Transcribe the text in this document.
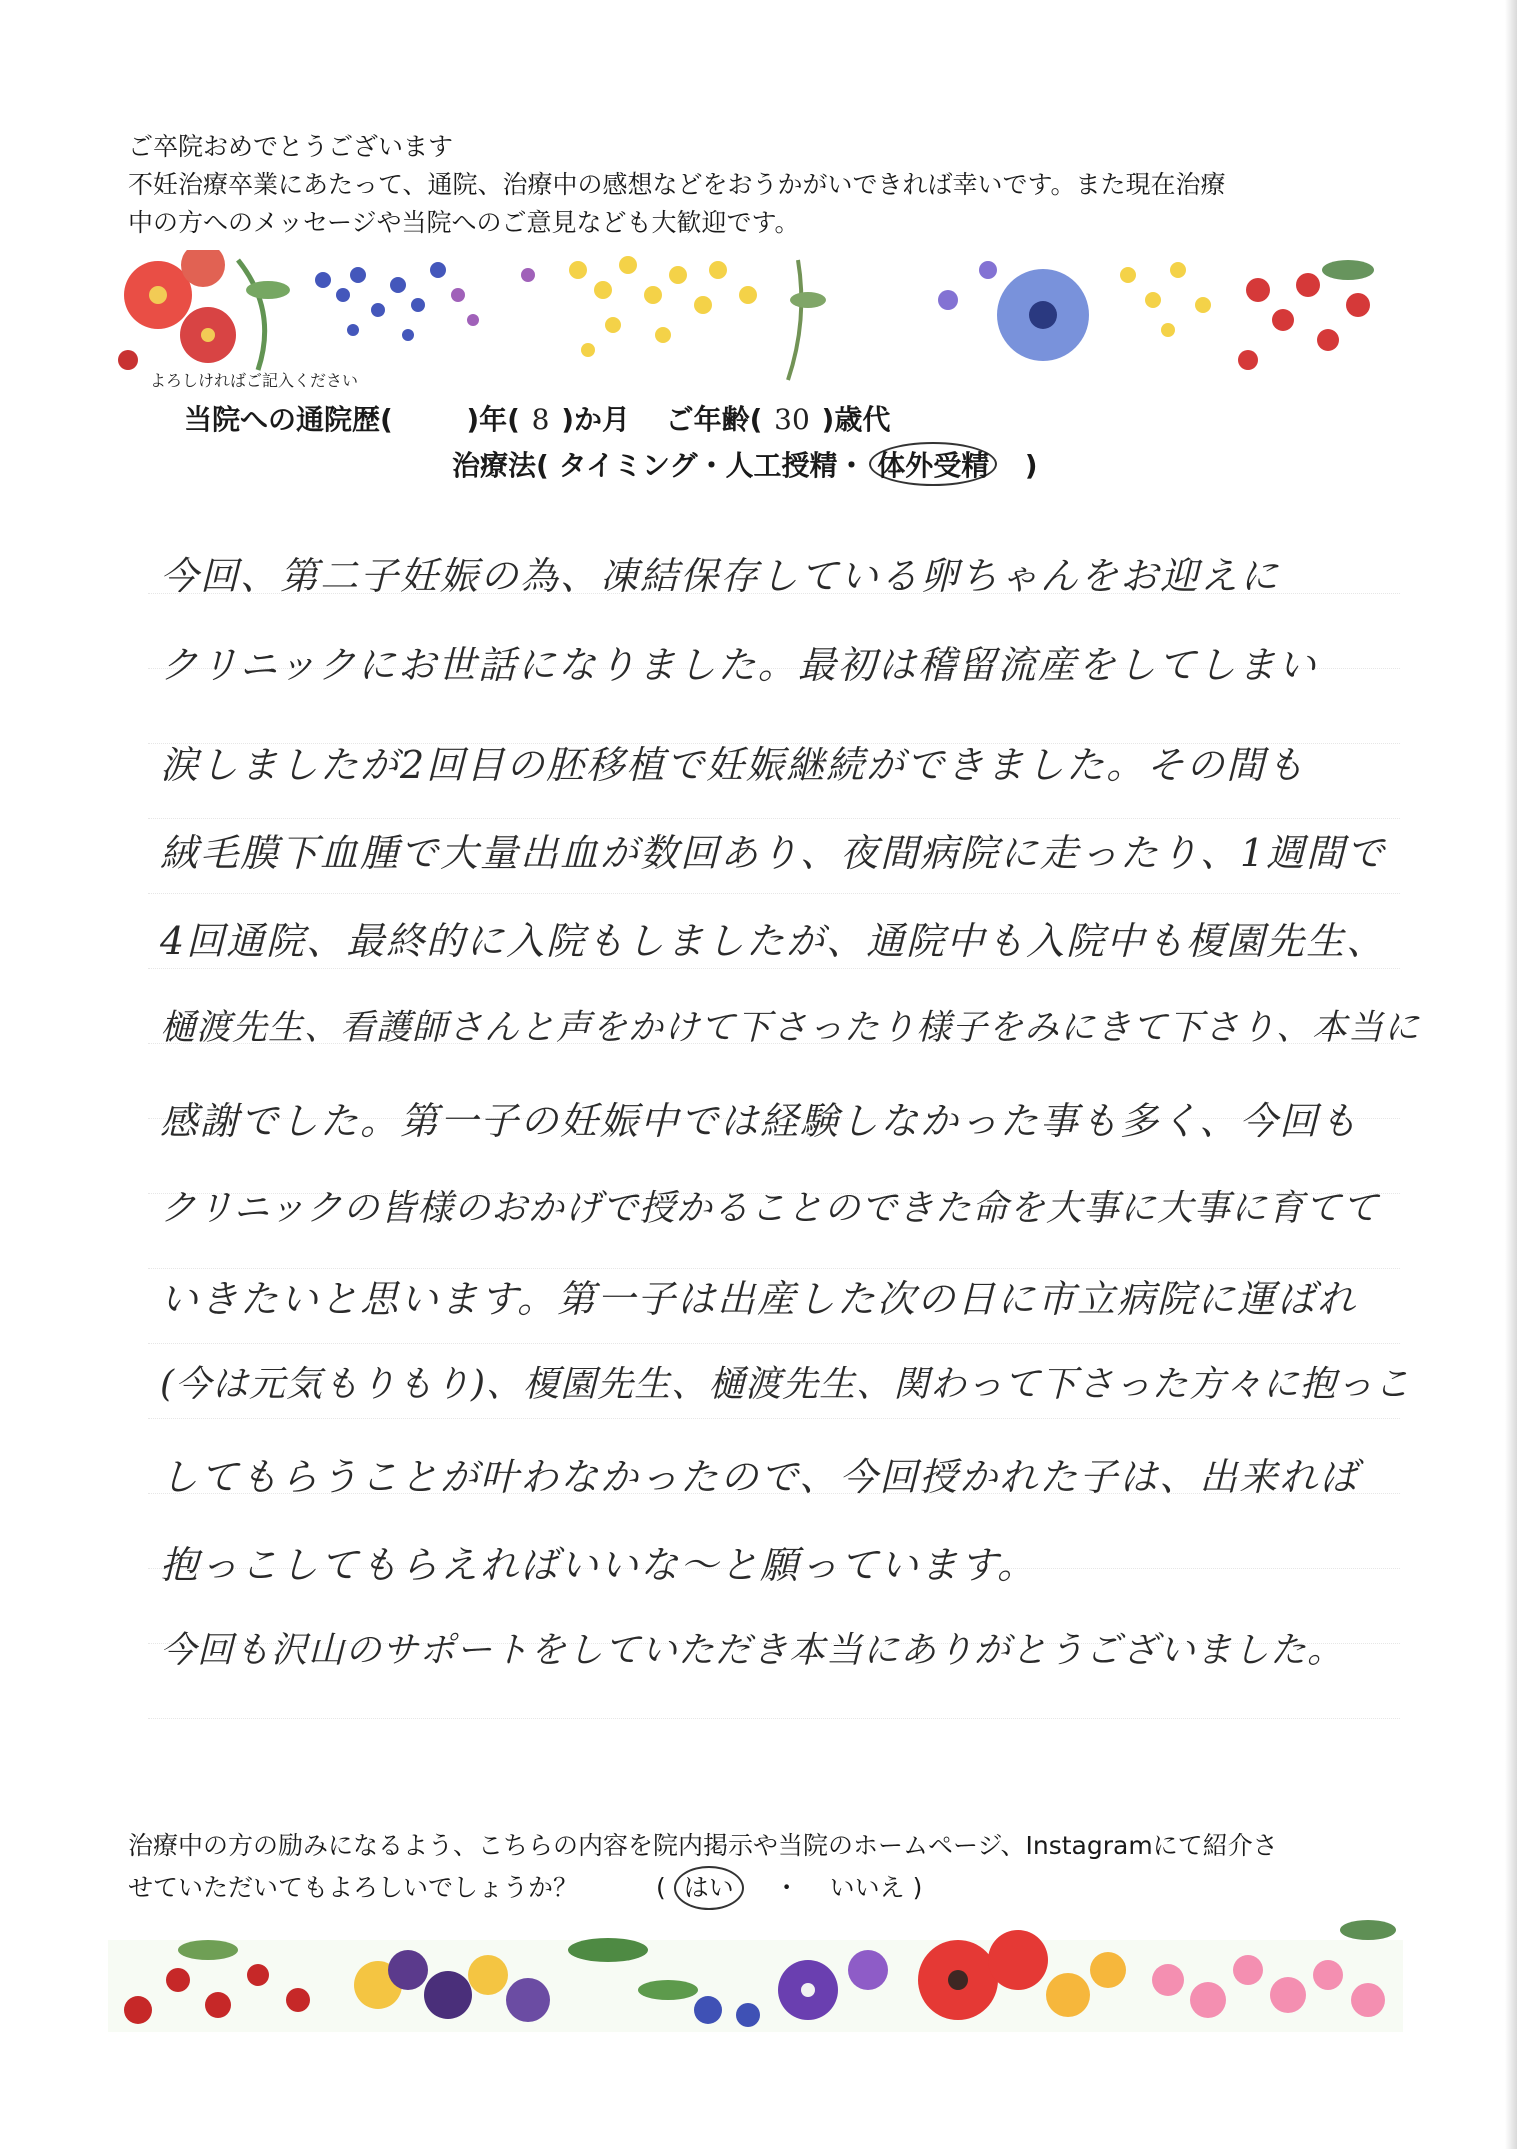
ご卒院おめでとうございます
不妊治療卒業にあたって、通院、治療中の感想などをおうかがいできれば幸いです。また現在治療
中の方へのメッセージや当院へのご意見なども大歓迎です。
よろしければご記入ください
当院への通院歴(	)年( 8 )か月 ご年齢( 30 )歳代
治療法( タイミング・人工授精・ 体外受精 )
今回、第二子妊娠の為、凍結保存している卵ちゃんをお迎えに
クリニックにお世話になりました。最初は稽留流産をしてしまい
涙しましたが2回目の胚移植で妊娠継続ができました。その間も
絨毛膜下血腫で大量出血が数回あり、夜間病院に走ったり、1週間で
4回通院、最終的に入院もしましたが、通院中も入院中も榎園先生、
樋渡先生、看護師さんと声をかけて下さったり様子をみにきて下さり、本当に
感謝でした。第一子の妊娠中では経験しなかった事も多く、今回も
クリニックの皆様のおかげで授かることのできた命を大事に大事に育てて
いきたいと思います。第一子は出産した次の日に市立病院に運ばれ
(今は元気もりもり)、榎園先生、樋渡先生、関わって下さった方々に抱っこ
してもらうことが叶わなかったので、今回授かれた子は、出来れば
抱っこしてもらえればいいな〜と願っています。
今回も沢山のサポートをしていただき本当にありがとうございました。
治療中の方の励みになるよう、こちらの内容を院内掲示や当院のホームページ、Instagramにて紹介さ
せていただいてもよろしいでしょうか？	( はい ・ いいえ )
